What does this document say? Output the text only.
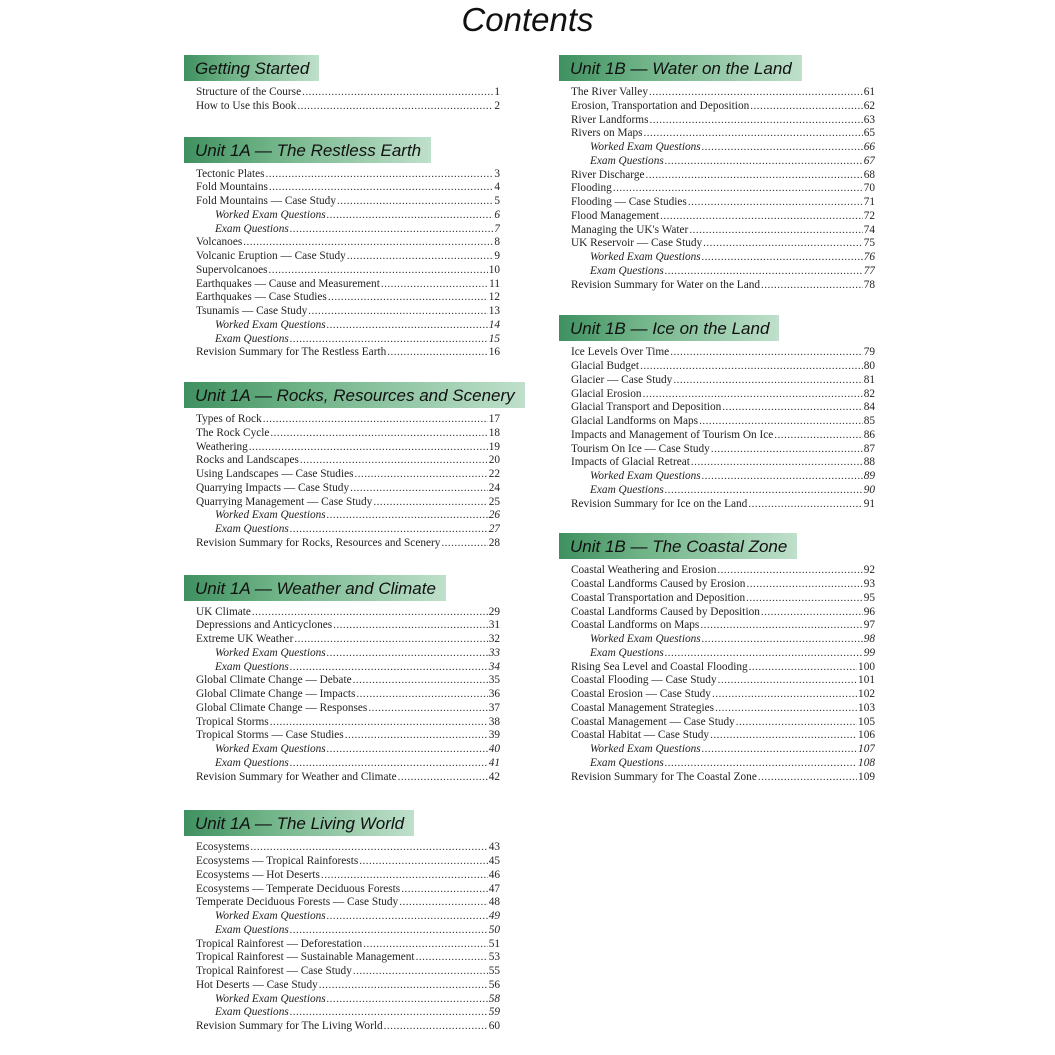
Contents
Getting Started
Structure of the Course .....	1
How to Use this Book .....	2
Unit 1A — The Restless Earth
Tectonic Plates .....	3
Fold Mountains .....	4
Fold Mountains — Case Study .....	5
Worked Exam Questions .....	6
Exam Questions .....	7
Volcanoes .....	8
Volcanic Eruption — Case Study .....	9
Supervolcanoes .....	10
Earthquakes — Cause and Measurement .....	11
Earthquakes — Case Studies .....	12
Tsunamis — Case Study .....	13
Worked Exam Questions .....	14
Exam Questions .....	15
Revision Summary for The Restless Earth .....	16
Unit 1A — Rocks, Resources and Scenery
Types of Rock .....	17
The Rock Cycle .....	18
Weathering .....	19
Rocks and Landscapes .....	20
Using Landscapes — Case Studies .....	22
Quarrying Impacts — Case Study .....	24
Quarrying Management — Case Study .....	25
Worked Exam Questions .....	26
Exam Questions .....	27
Revision Summary for Rocks, Resources and Scenery .....	28
Unit 1A — Weather and Climate
UK Climate .....	29
Depressions and Anticyclones .....	31
Extreme UK Weather .....	32
Worked Exam Questions .....	33
Exam Questions .....	34
Global Climate Change — Debate .....	35
Global Climate Change — Impacts .....	36
Global Climate Change — Responses .....	37
Tropical Storms .....	38
Tropical Storms — Case Studies .....	39
Worked Exam Questions .....	40
Exam Questions .....	41
Revision Summary for Weather and Climate .....	42
Unit 1A — The Living World
Ecosystems .....	43
Ecosystems — Tropical Rainforests .....	45
Ecosystems — Hot Deserts .....	46
Ecosystems — Temperate Deciduous Forests .....	47
Temperate Deciduous Forests — Case Study .....	48
Worked Exam Questions .....	49
Exam Questions .....	50
Tropical Rainforest — Deforestation .....	51
Tropical Rainforest — Sustainable Management .....	53
Tropical Rainforest — Case Study .....	55
Hot Deserts — Case Study .....	56
Worked Exam Questions .....	58
Exam Questions .....	59
Revision Summary for The Living World .....	60
Unit 1B — Water on the Land
The River Valley .....	61
Erosion, Transportation and Deposition .....	62
River Landforms .....	63
Rivers on Maps .....	65
Worked Exam Questions .....	66
Exam Questions .....	67
River Discharge .....	68
Flooding .....	70
Flooding — Case Studies .....	71
Flood Management .....	72
Managing the UK's Water .....	74
UK Reservoir — Case Study .....	75
Worked Exam Questions .....	76
Exam Questions .....	77
Revision Summary for Water on the Land .....	78
Unit 1B — Ice on the Land
Ice Levels Over Time .....	79
Glacial Budget .....	80
Glacier — Case Study .....	81
Glacial Erosion .....	82
Glacial Transport and Deposition .....	84
Glacial Landforms on Maps .....	85
Impacts and Management of Tourism On Ice .....	86
Tourism On Ice — Case Study .....	87
Impacts of Glacial Retreat .....	88
Worked Exam Questions .....	89
Exam Questions .....	90
Revision Summary for Ice on the Land .....	91
Unit 1B — The Coastal Zone
Coastal Weathering and Erosion .....	92
Coastal Landforms Caused by Erosion .....	93
Coastal Transportation and Deposition .....	95
Coastal Landforms Caused by Deposition .....	96
Coastal Landforms on Maps .....	97
Worked Exam Questions .....	98
Exam Questions .....	99
Rising Sea Level and Coastal Flooding .....	100
Coastal Flooding — Case Study .....	101
Coastal Erosion — Case Study .....	102
Coastal Management Strategies .....	103
Coastal Management — Case Study .....	105
Coastal Habitat — Case Study .....	106
Worked Exam Questions .....	107
Exam Questions .....	108
Revision Summary for The Coastal Zone .....	109
